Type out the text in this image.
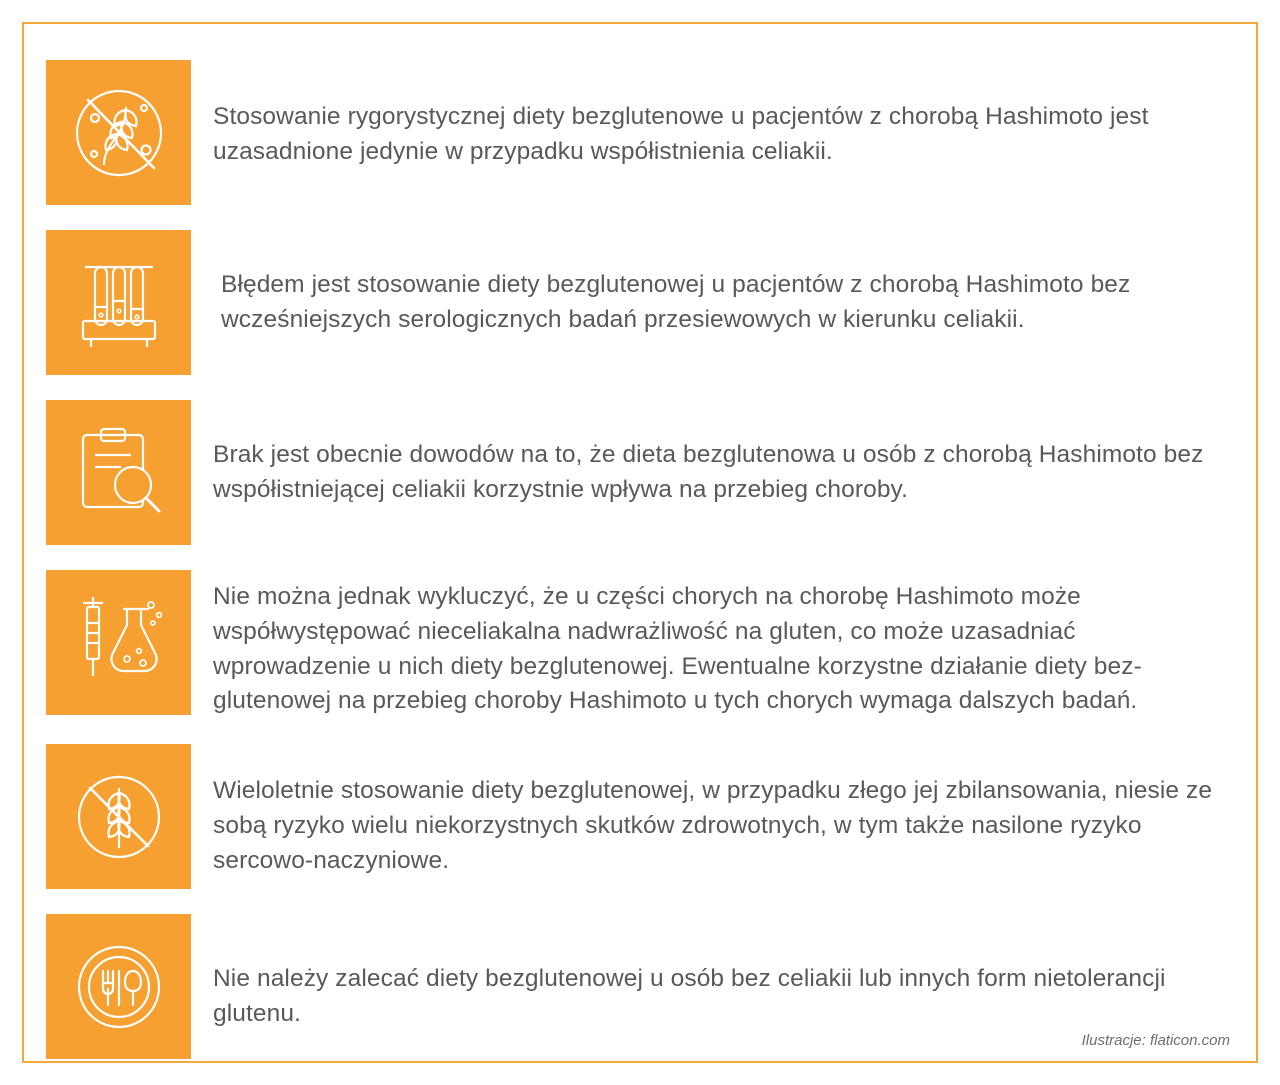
Stosowanie rygorystycznej diety bezglutenowe u pacjentów z chorobą Hashimoto jest uzasadnione jedynie w przypadku współistnienia celiakii.
Błędem jest stosowanie diety bezglutenowej u pacjentów z chorobą Hashimoto bez wcześniejszych serologicznych badań przesiewowych w kierunku celiakii.
Brak jest obecnie dowodów na to, że dieta bezglutenowa u osób z chorobą Hashimoto bez współistniejącej celiakii korzystnie wpływa na przebieg choroby.
Nie można jednak wykluczyć, że u części chorych na chorobę Hashimoto może współwystępować nieceliakalna nadwrażliwość na gluten, co może uzasadniać wprowadzenie u nich diety bezglutenowej. Ewentualne korzystne działanie diety bez-glutenowej na przebieg choroby Hashimoto u tych chorych wymaga dalszych badań.
Wieloletnie stosowanie diety bezglutenowej, w przypadku złego jej zbilansowania, niesie ze sobą ryzyko wielu niekorzystnych skutków zdrowotnych, w tym także nasilone ryzyko sercowo-naczyniowe.
Nie należy zalecać diety bezglutenowej u osób bez celiakii lub innych form nietolerancji glutenu.
Ilustracje: flaticon.com
